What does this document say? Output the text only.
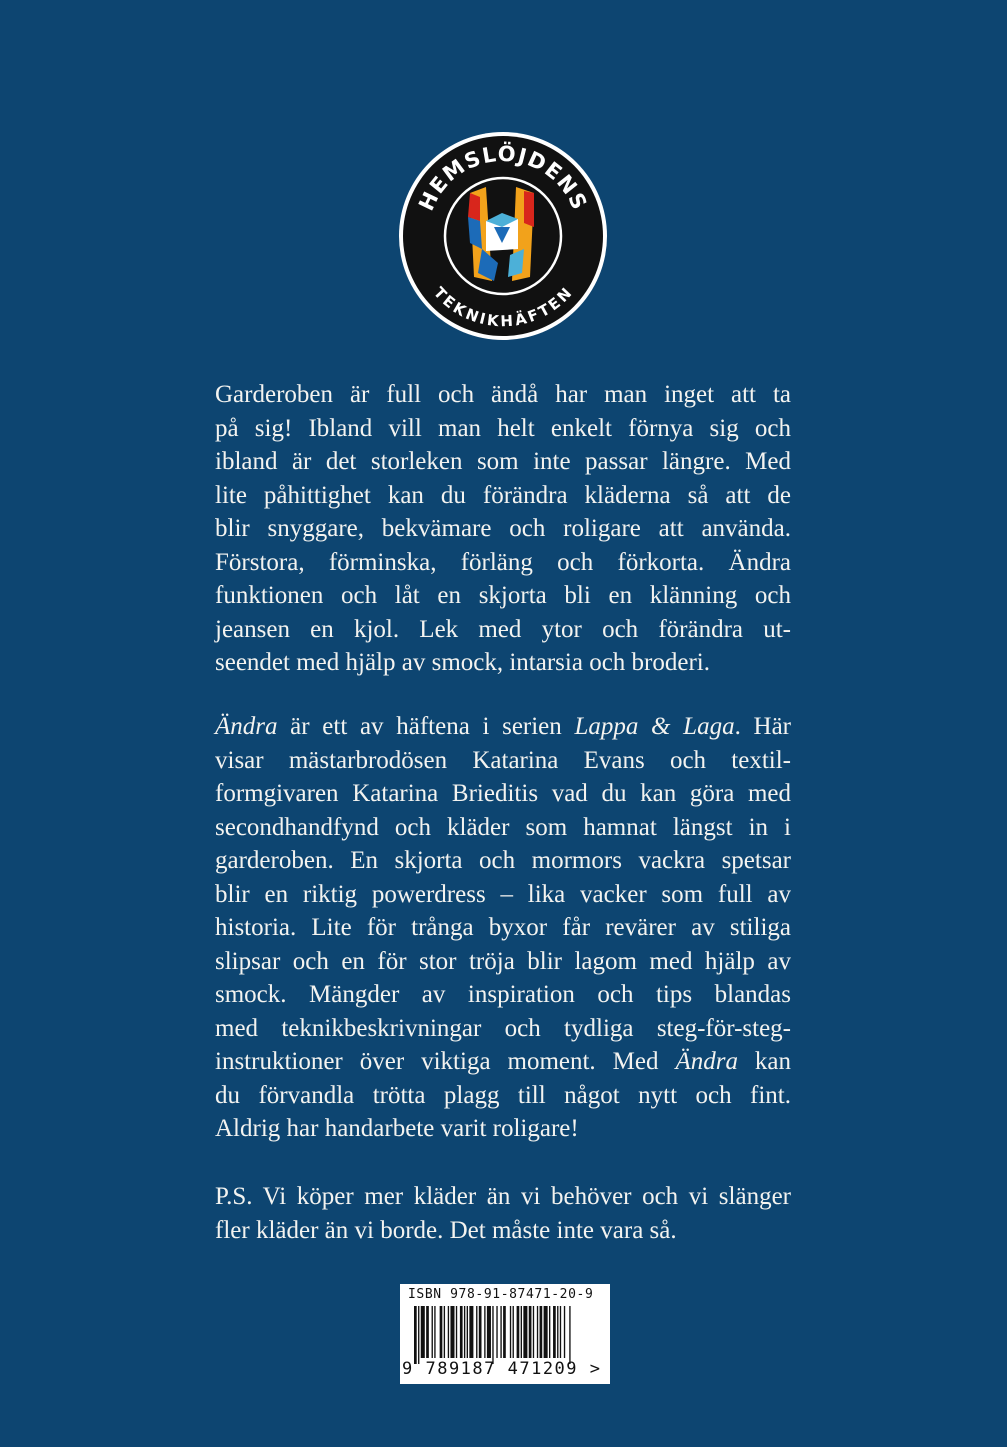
HEMSLÖJDENS
TEKNIKHÄFTEN

Garderoben är full och ändå har man inget att ta
på sig! Ibland vill man helt enkelt förnya sig och
ibland är det storleken som inte passar längre. Med
lite påhittighet kan du förändra kläderna så att de
blir snyggare, bekvämare och roligare att använda.
Förstora, förminska, förläng och förkorta. Ändra
funktionen och låt en skjorta bli en klänning och
jeansen en kjol. Lek med ytor och förändra ut-
seendet med hjälp av smock, intarsia och broderi.

Ändra är ett av häftena i serien Lappa & Laga. Här
visar mästarbrodösen Katarina Evans och textil-
formgivaren Katarina Brieditis vad du kan göra med
secondhandfynd och kläder som hamnat längst in i
garderoben. En skjorta och mormors vackra spetsar
blir en riktig powerdress – lika vacker som full av
historia. Lite för trånga byxor får revärer av stiliga
slipsar och en för stor tröja blir lagom med hjälp av
smock. Mängder av inspiration och tips blandas
med teknikbeskrivningar och tydliga steg-för-steg-
instruktioner över viktiga moment. Med Ändra kan
du förvandla trötta plagg till något nytt och fint.
Aldrig har handarbete varit roligare!

P.S. Vi köper mer kläder än vi behöver och vi slänger
fler kläder än vi borde. Det måste inte vara så.

ISBN 978-91-87471-20-9
9 789187 471209 >
